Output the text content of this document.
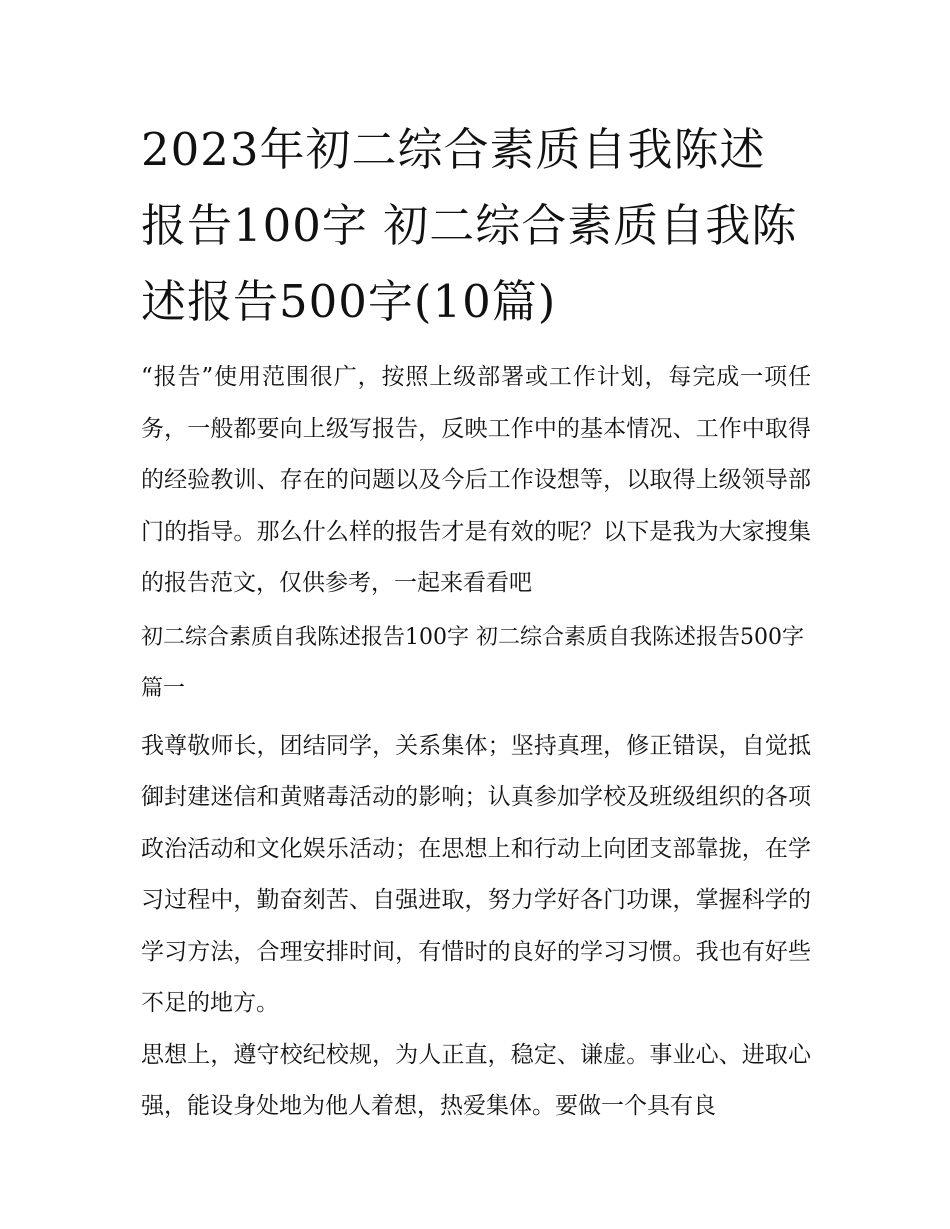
2023年初二综合素质自我陈述报告100字 初二综合素质自我陈述报告500字(10篇)

“报告”使用范围很广，按照上级部署或工作计划，每完成一项任务，一般都要向上级写报告，反映工作中的基本情况、工作中取得的经验教训、存在的问题以及今后工作设想等，以取得上级领导部门的指导。那么什么样的报告才是有效的呢？以下是我为大家搜集的报告范文，仅供参考，一起来看看吧

初二综合素质自我陈述报告100字 初二综合素质自我陈述报告500字篇一

我尊敬师长，团结同学，关系集体；坚持真理，修正错误，自觉抵御封建迷信和黄赌毒活动的影响；认真参加学校及班级组织的各项政治活动和文化娱乐活动；在思想上和行动上向团支部靠拢，在学习过程中，勤奋刻苦、自强进取，努力学好各门功课，掌握科学的学习方法，合理安排时间，有惜时的良好的学习习惯。我也有好些不足的地方。

思想上，遵守校纪校规，为人正直，稳定、谦虚。事业心、进取心强，能设身处地为他人着想，热爱集体。要做一个具有良
